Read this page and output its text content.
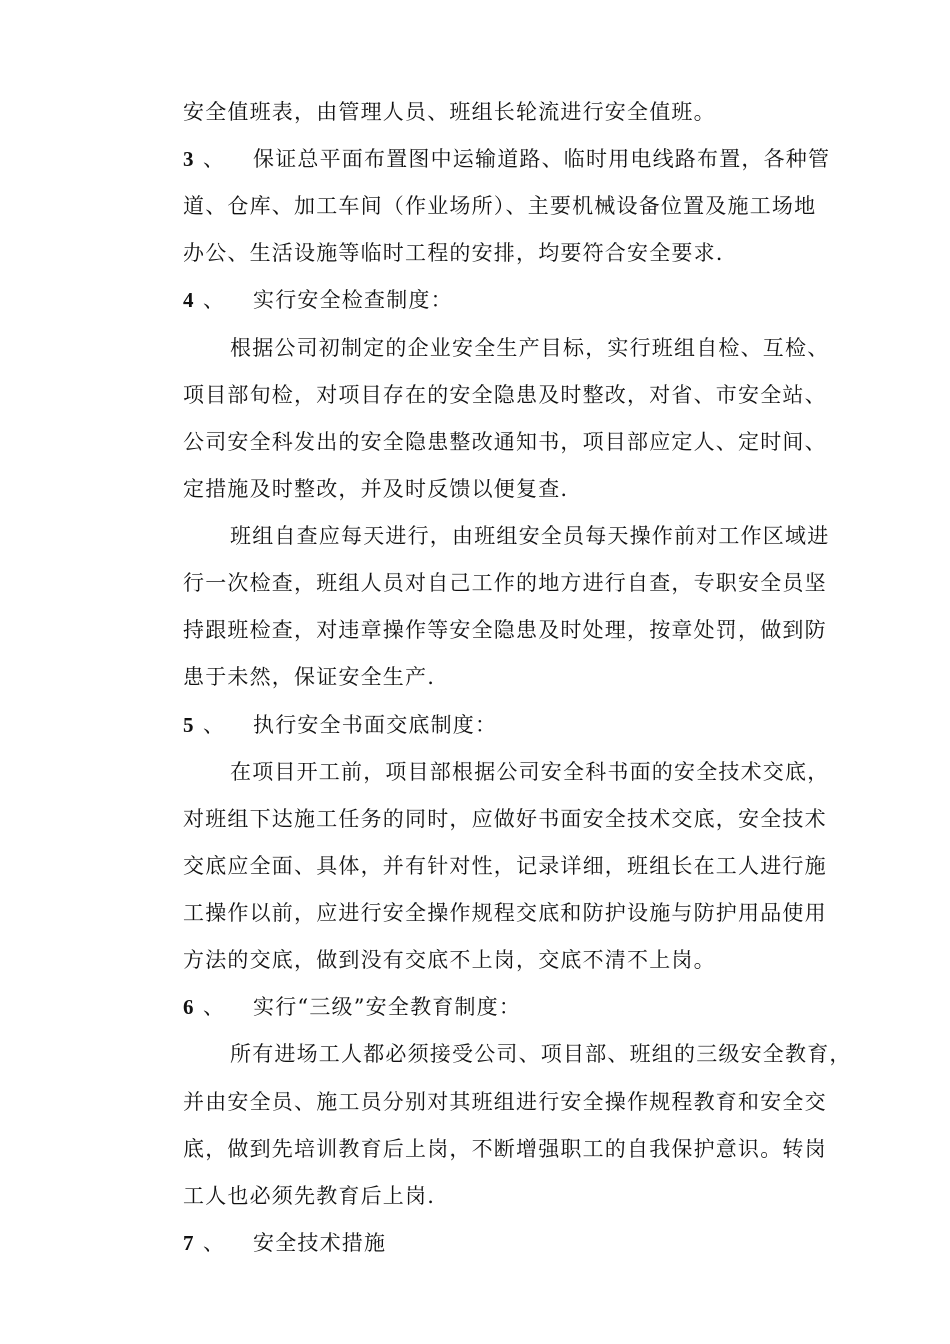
安全值班表，由管理人员、班组长轮流进行安全值班。
3 、 保证总平面布置图中运输道路、临时用电线路布置，各种管
道、仓库、加工车间（作业场所）、主要机械设备位置及施工场地
办公、生活设施等临时工程的安排，均要符合安全要求.
4 、 实行安全检查制度：
根据公司初制定的企业安全生产目标，实行班组自检、互检、
项目部旬检，对项目存在的安全隐患及时整改，对省、市安全站、
公司安全科发出的安全隐患整改通知书，项目部应定人、定时间、
定措施及时整改，并及时反馈以便复查.
班组自查应每天进行，由班组安全员每天操作前对工作区域进
行一次检查，班组人员对自己工作的地方进行自查，专职安全员坚
持跟班检查，对违章操作等安全隐患及时处理，按章处罚，做到防
患于未然，保证安全生产.
5 、 执行安全书面交底制度：
在项目开工前，项目部根据公司安全科书面的安全技术交底，
对班组下达施工任务的同时，应做好书面安全技术交底，安全技术
交底应全面、具体，并有针对性，记录详细，班组长在工人进行施
工操作以前，应进行安全操作规程交底和防护设施与防护用品使用
方法的交底，做到没有交底不上岗，交底不清不上岗。
6 、 实行“三级”安全教育制度：
所有进场工人都必须接受公司、项目部、班组的三级安全教育，
并由安全员、施工员分别对其班组进行安全操作规程教育和安全交
底，做到先培训教育后上岗，不断增强职工的自我保护意识。转岗
工人也必须先教育后上岗.
7 、 安全技术措施
